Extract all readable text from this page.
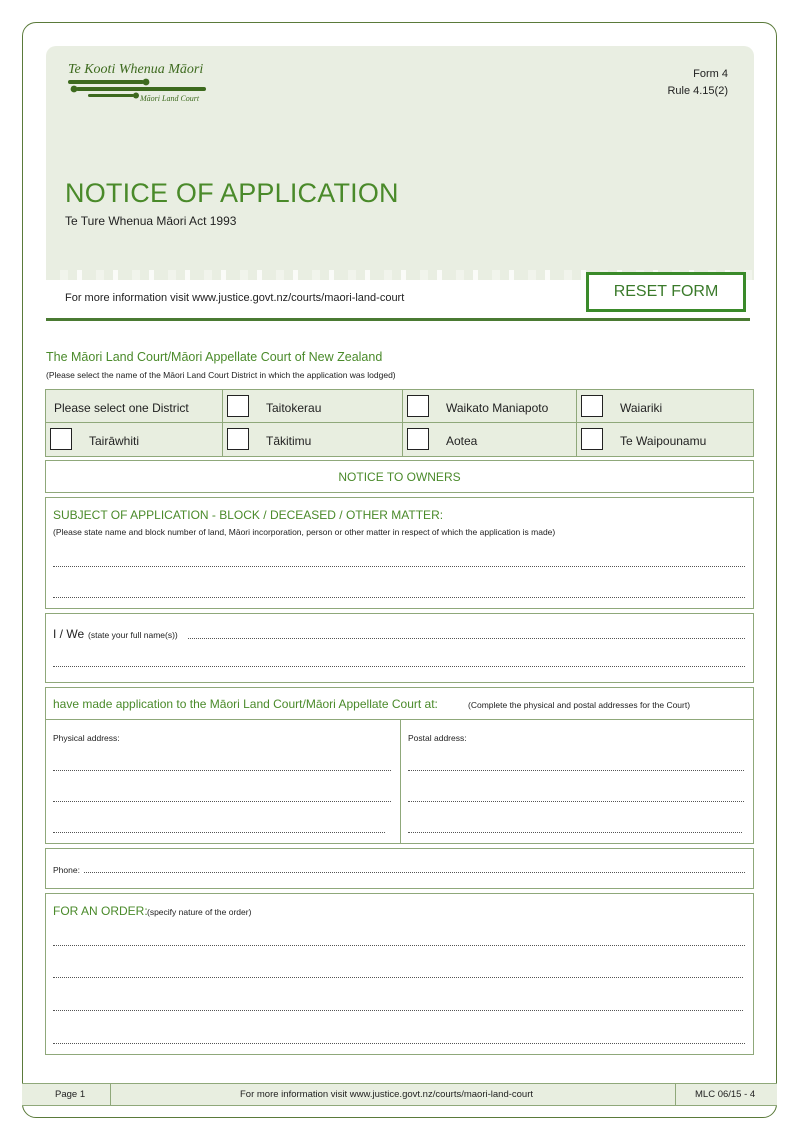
Te Kooti Whenua Māori
Māori Land Court
Form 4
Rule 4.15(2)
NOTICE OF APPLICATION
Te Ture Whenua Māori Act 1993
For more information visit www.justice.govt.nz/courts/maori-land-court	RESET FORM
The Māori Land Court/Māori Appellate Court of New Zealand
(Please select the name of the Māori Land Court District in which the application was lodged)
Please select one District	Taitokerau	Waikato Maniapoto	Waiariki
Tairāwhiti	Tākitimu	Aotea	Te Waipounamu
NOTICE TO OWNERS
SUBJECT OF APPLICATION - BLOCK / DECEASED / OTHER MATTER:
(Please state name and block number of land, Māori incorporation, person or other matter in respect of which the application is made)
I / We (state your full name(s))
have made application to the Māori Land Court/Māori Appellate Court at:	(Complete the physical and postal addresses for the Court)
Physical address:	Postal address:
Phone:
FOR AN ORDER: (specify nature of the order)
Page 1	For more information visit www.justice.govt.nz/courts/maori-land-court	MLC 06/15 - 4
